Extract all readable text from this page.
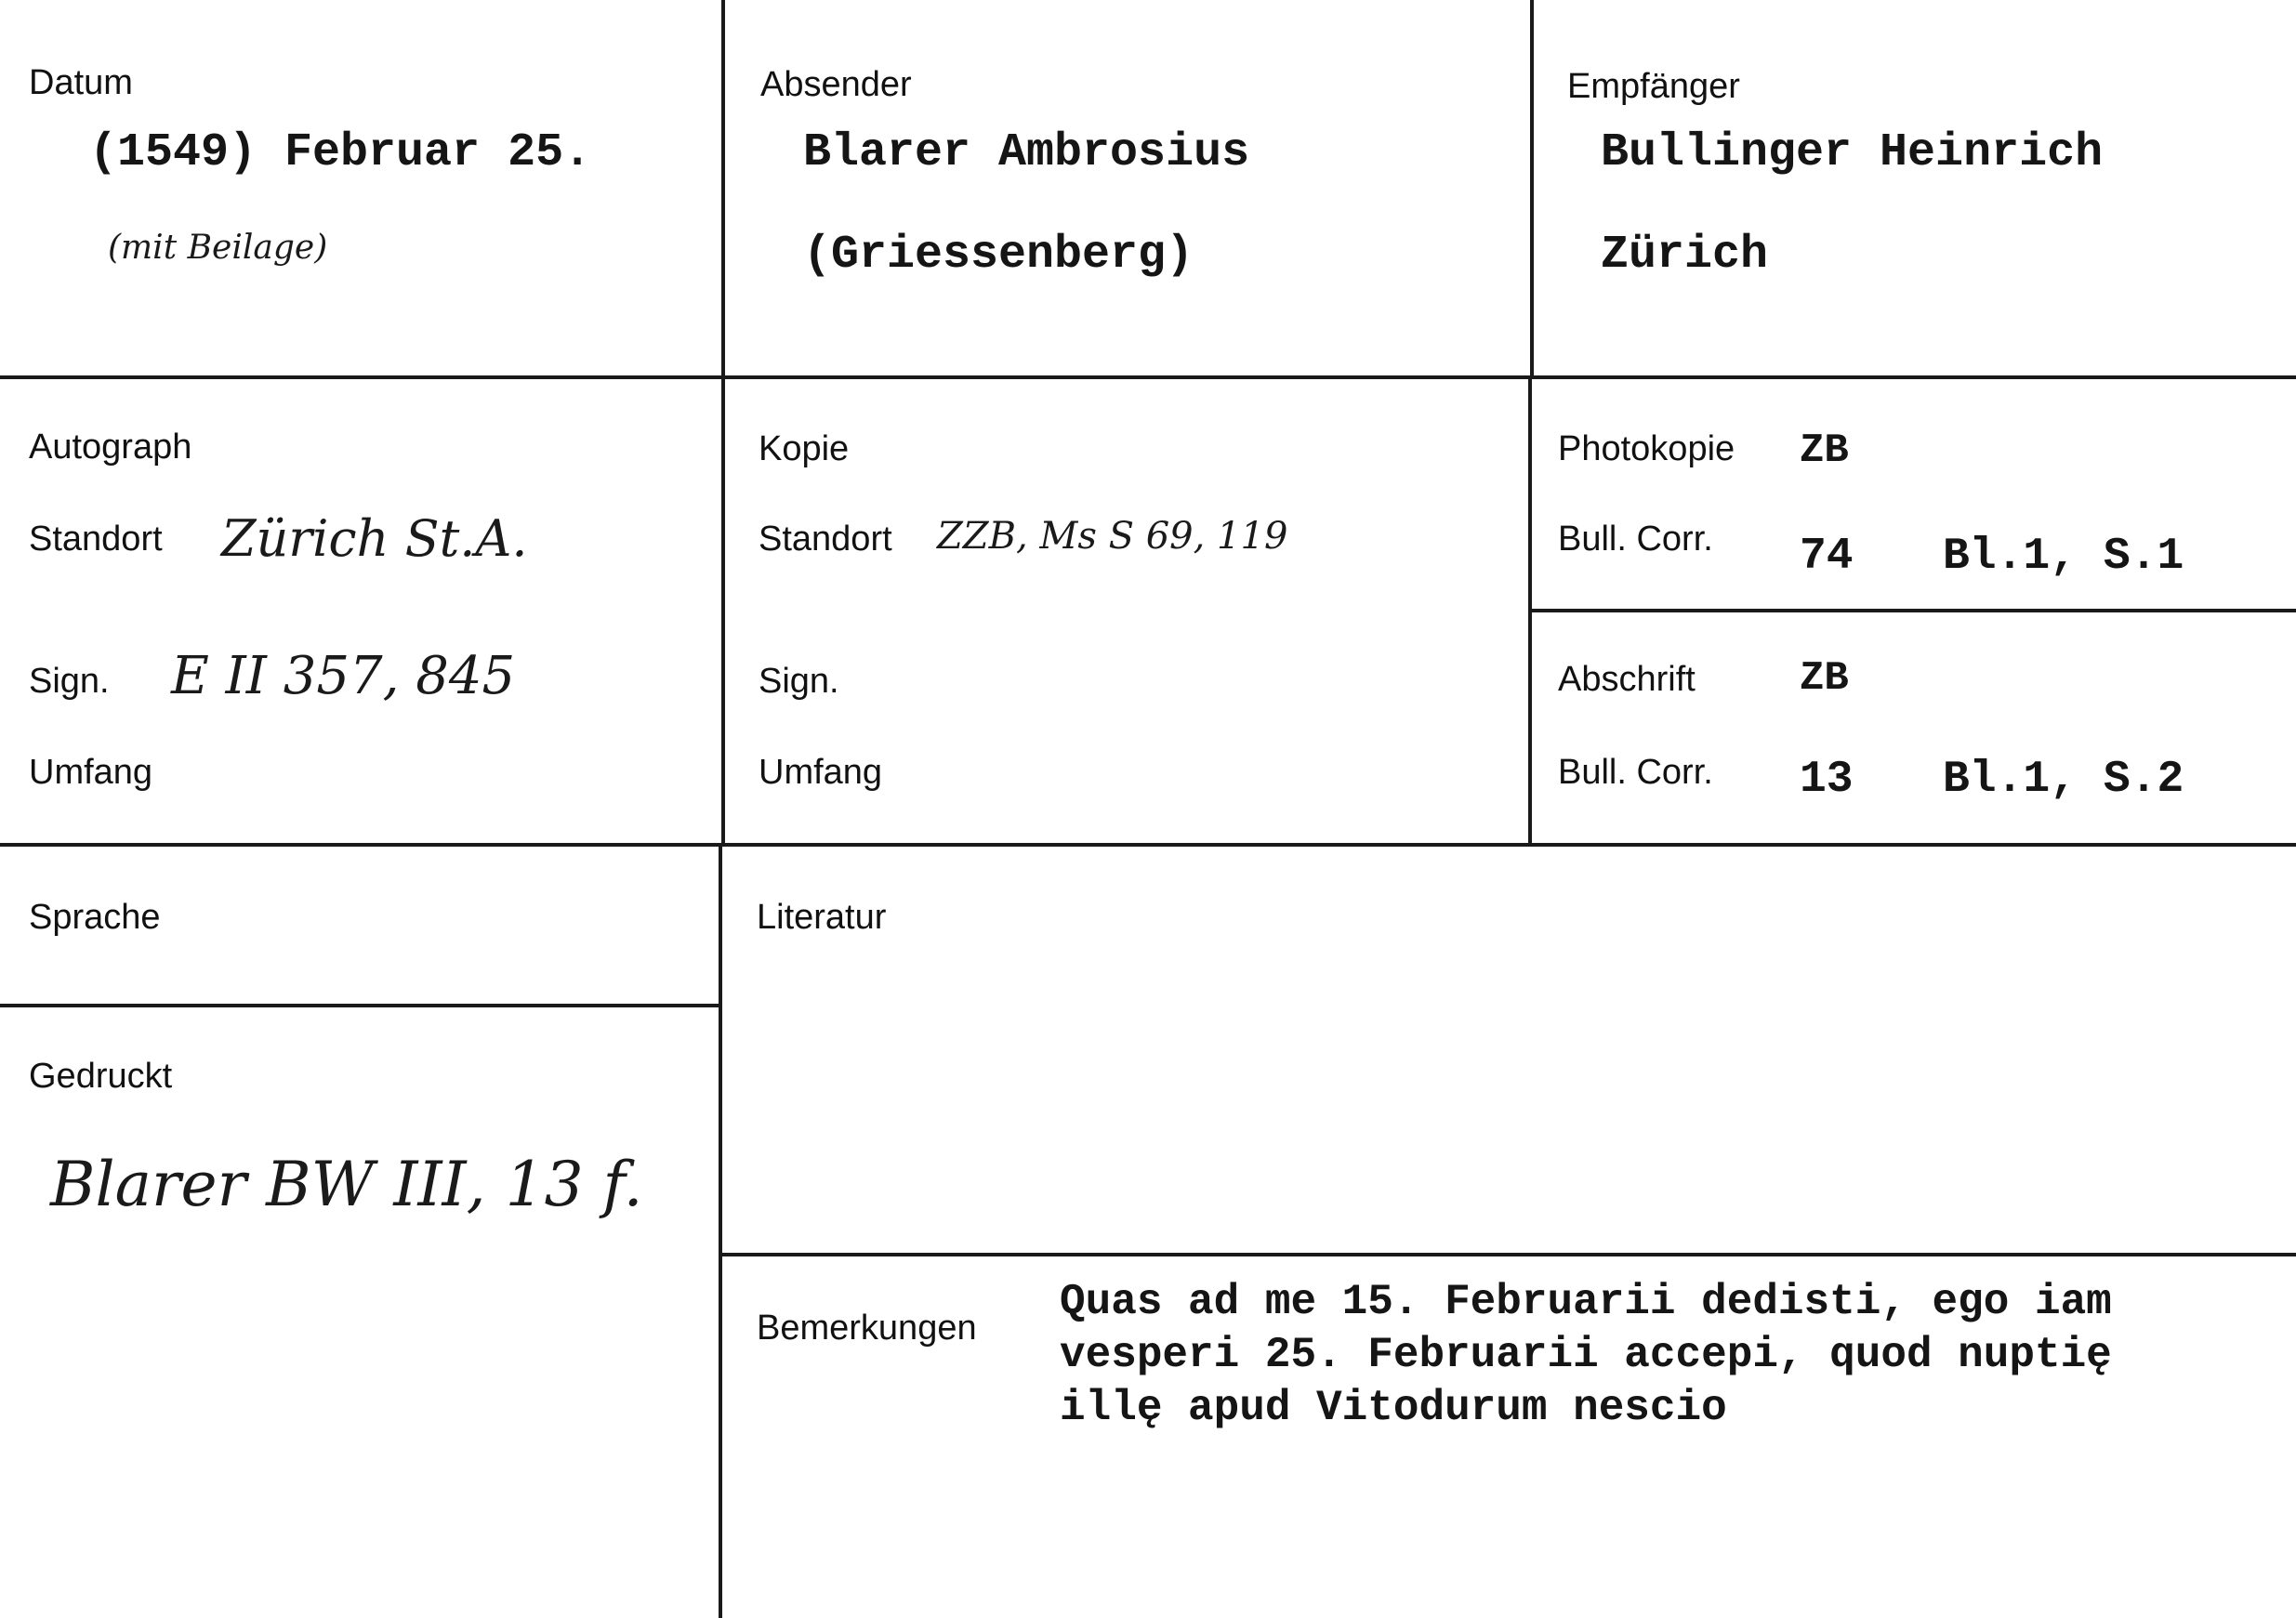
Datum
(1549) Februar 25.
(mit Beilage)
Absender
Blarer Ambrosius
(Griessenberg)
Empfänger
Bullinger Heinrich
Zürich
Autograph
Standort Zürich St.A.
Sign. E II 357, 845
Umfang
Kopie
Standort ZZB, Ms S 69, 119
Sign.
Umfang
Photokopie ZB
Bull. Corr. 74 Bl.1, S.1
Abschrift	ZB
Bull. Corr. 13 Bl.1, S.2
Sprache	Literatur
Gedruckt
Blarer BW III, 13 f.
Bemerkungen
Quas ad me 15. Februarii dedisti, ego iam
vesperi 25. Februarii accepi, quod nuptię
illę apud Vitodurum nescio
